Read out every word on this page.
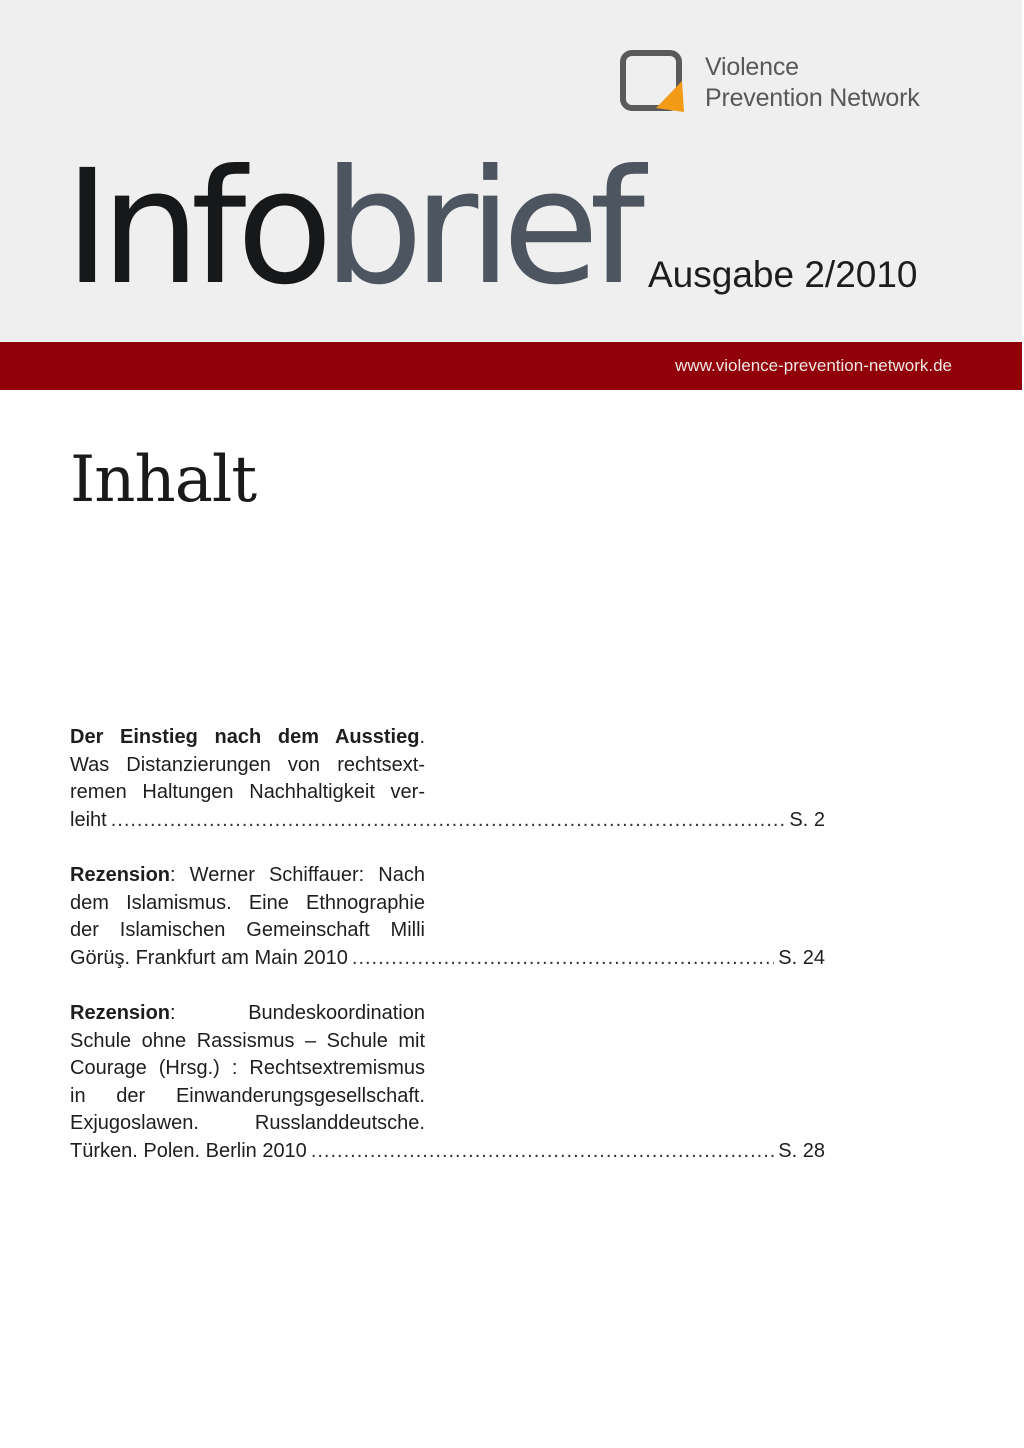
Violence
Prevention Network
Infobrief Ausgabe 2/2010
www.violence-prevention-network.de
Inhalt
Der Einstieg nach dem Ausstieg.
Was Distanzierungen von rechtsext-
remen Haltungen Nachhaltigkeit ver-
leiht .....	S. 2
Rezension: Werner Schiffauer: Nach
dem Islamismus. Eine Ethnographie
der Islamischen Gemeinschaft Milli
Görüş. Frankfurt am Main 2010 .....	S. 24
Rezension:	Bundeskoordination
Schule ohne Rassismus – Schule mit
Courage (Hrsg.) : Rechtsextremismus
in der Einwanderungsgesellschaft.
Exjugoslawen. Russlanddeutsche.
Türken. Polen. Berlin 2010 .....	S. 28
